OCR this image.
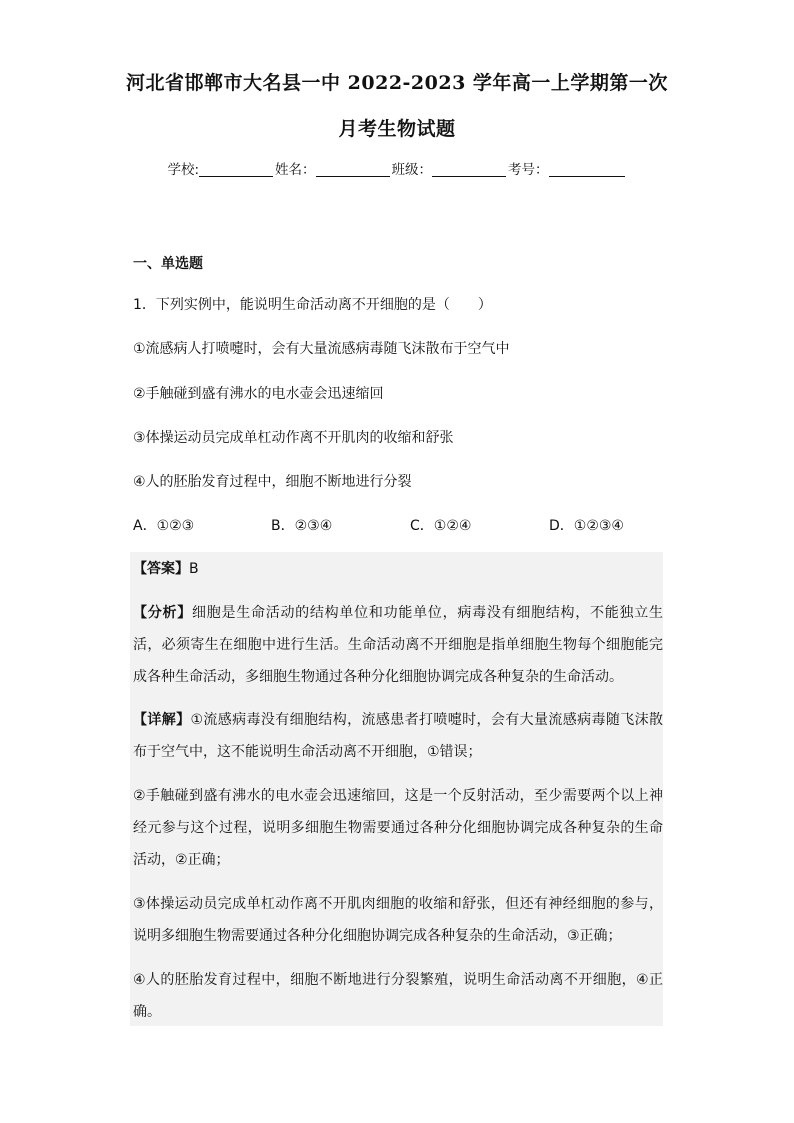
河北省邯郸市大名县一中 2022-2023 学年高一上学期第一次
月考生物试题
学校:	姓名：	班级：	考号：
一、单选题
1．下列实例中，能说明生命活动离不开细胞的是（　　）
①流感病人打喷嚏时，会有大量流感病毒随飞沫散布于空气中
②手触碰到盛有沸水的电水壶会迅速缩回
③体操运动员完成单杠动作离不开肌肉的收缩和舒张
④人的胚胎发育过程中，细胞不断地进行分裂
A．①②③	B．②③④	C．①②④	D．①②③④
【答案】B
【分析】细胞是生命活动的结构单位和功能单位，病毒没有细胞结构，不能独立生活，必须寄生在细胞中进行生活。生命活动离不开细胞是指单细胞生物每个细胞能完成各种生命活动，多细胞生物通过各种分化细胞协调完成各种复杂的生命活动。
【详解】①流感病毒没有细胞结构，流感患者打喷嚏时，会有大量流感病毒随飞沫散布于空气中，这不能说明生命活动离不开细胞，①错误；
②手触碰到盛有沸水的电水壶会迅速缩回，这是一个反射活动，至少需要两个以上神经元参与这个过程，说明多细胞生物需要通过各种分化细胞协调完成各种复杂的生命活动，②正确；
③体操运动员完成单杠动作离不开肌肉细胞的收缩和舒张，但还有神经细胞的参与，说明多细胞生物需要通过各种分化细胞协调完成各种复杂的生命活动，③正确；
④人的胚胎发育过程中，细胞不断地进行分裂繁殖，说明生命活动离不开细胞，④正确。
